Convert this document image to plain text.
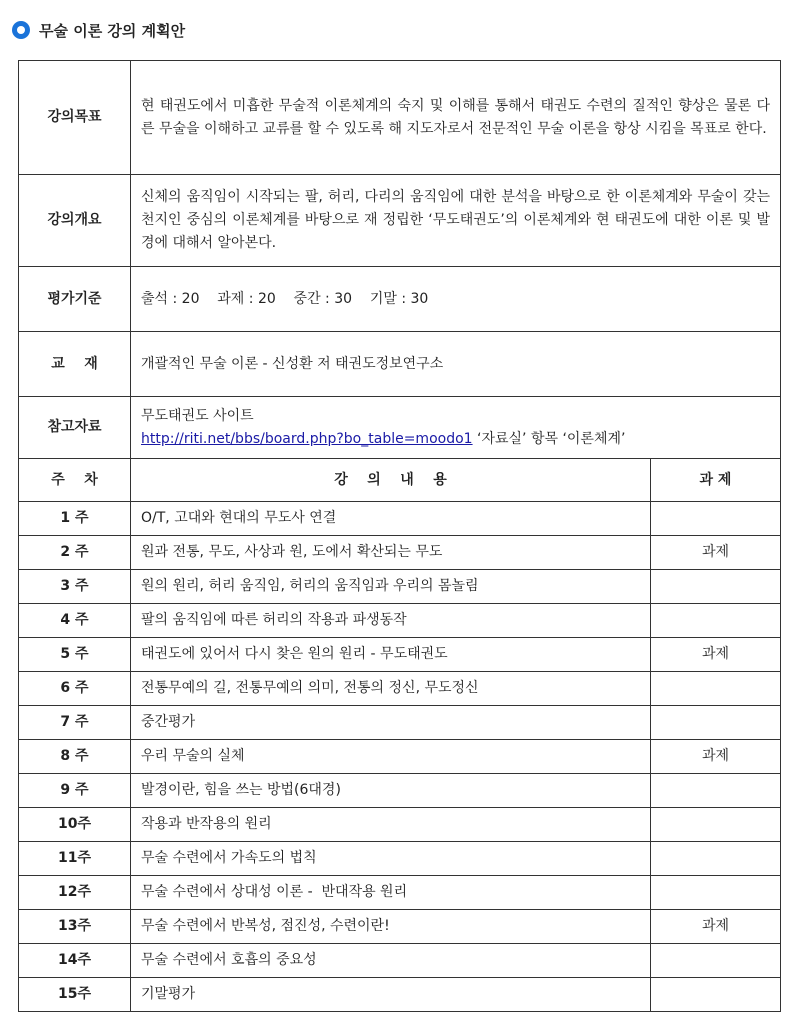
무술 이론 강의 계획안
강의목표	현 태권도에서 미흡한 무술적 이론체계의 숙지 및 이해를 통해서 태권도 수련의 질적인 향상은 물론 다른 무술을 이해하고 교류를 할 수 있도록 해 지도자로서 전문적인 무술 이론을 항상 시킴을 목표로 한다.	
강의개요	신체의 움직임이 시작되는 팔, 허리, 다리의 움직임에 대한 분석을 바탕으로 한 이론체계와 무술이 갖는 천지인 중심의 이론체계를 바탕으로 재 정립한 ‘무도태권도’의 이론체계와 현 태권도에 대한 이론 및 발경에 대해서 알아본다.	
평가기준	출석 : 20    과제 : 20    중간 : 30    기말 : 30	
교    재	개괄적인 무술 이론 - 신성환 저 태권도정보연구소	
참고자료	무도태권도 사이트
http://riti.net/bbs/board.php?bo_table=moodo1 ‘자료실’ 항목 ‘이론체계’	

주    차	강    의    내    용	과 제
1 주	O/T, 고대와 현대의 무도사 연결	
2 주	원과 전통, 무도, 사상과 원, 도에서 확산되는 무도	과제
3 주	원의 원리, 허리 움직임, 허리의 움직임과 우리의 몸놀림	
4 주	팔의 움직임에 따른 허리의 작용과 파생동작	
5 주	태권도에 있어서 다시 찾은 원의 원리 - 무도태권도	과제
6 주	전통무예의 길, 전통무예의 의미, 전통의 정신, 무도정신	
7 주	중간평가	
8 주	우리 무술의 실체	과제
9 주	발경이란, 힘을 쓰는 방법(6대경)	
10주	작용과 반작용의 원리	
11주	무술 수련에서 가속도의 법칙	
12주	무술 수련에서 상대성 이론 -  반대작용 원리	
13주	무술 수련에서 반복성, 점진성, 수련이란!	과제
14주	무술 수련에서 호흡의 중요성	
15주	기말평가	
